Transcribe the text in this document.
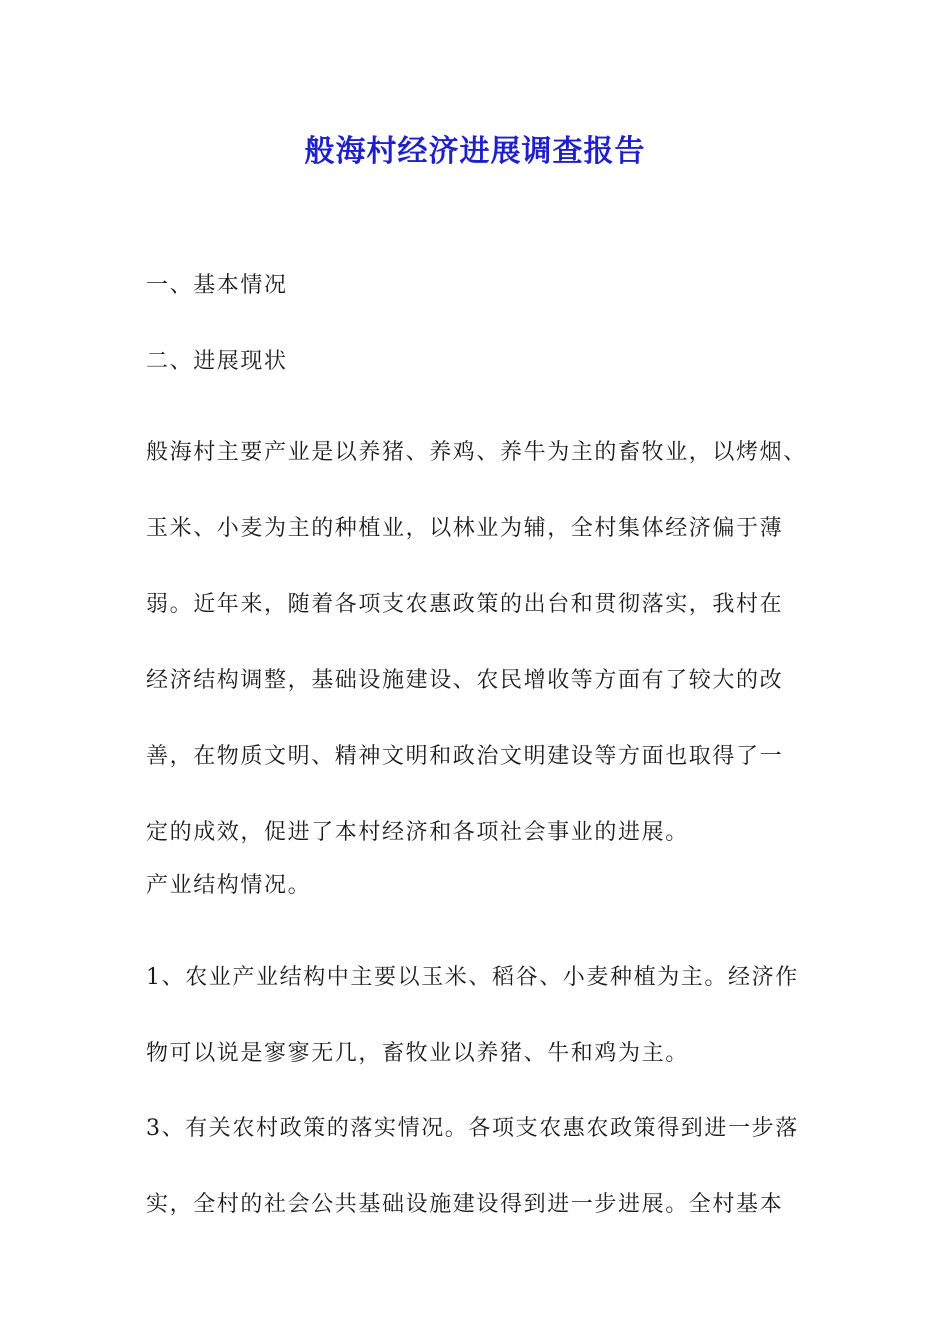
般海村经济进展调查报告

一、基本情况

二、进展现状

般海村主要产业是以养猪、养鸡、养牛为主的畜牧业，以烤烟、
玉米、小麦为主的种植业，以林业为辅，全村集体经济偏于薄
弱。近年来，随着各项支农惠政策的出台和贯彻落实，我村在
经济结构调整，基础设施建设、农民增收等方面有了较大的改
善，在物质文明、精神文明和政治文明建设等方面也取得了一
定的成效，促进了本村经济和各项社会事业的进展。

产业结构情况。

1、农业产业结构中主要以玉米、稻谷、小麦种植为主。经济作
物可以说是寥寥无几，畜牧业以养猪、牛和鸡为主。
3、有关农村政策的落实情况。各项支农惠农政策得到进一步落
实，全村的社会公共基础设施建设得到进一步进展。全村基本
